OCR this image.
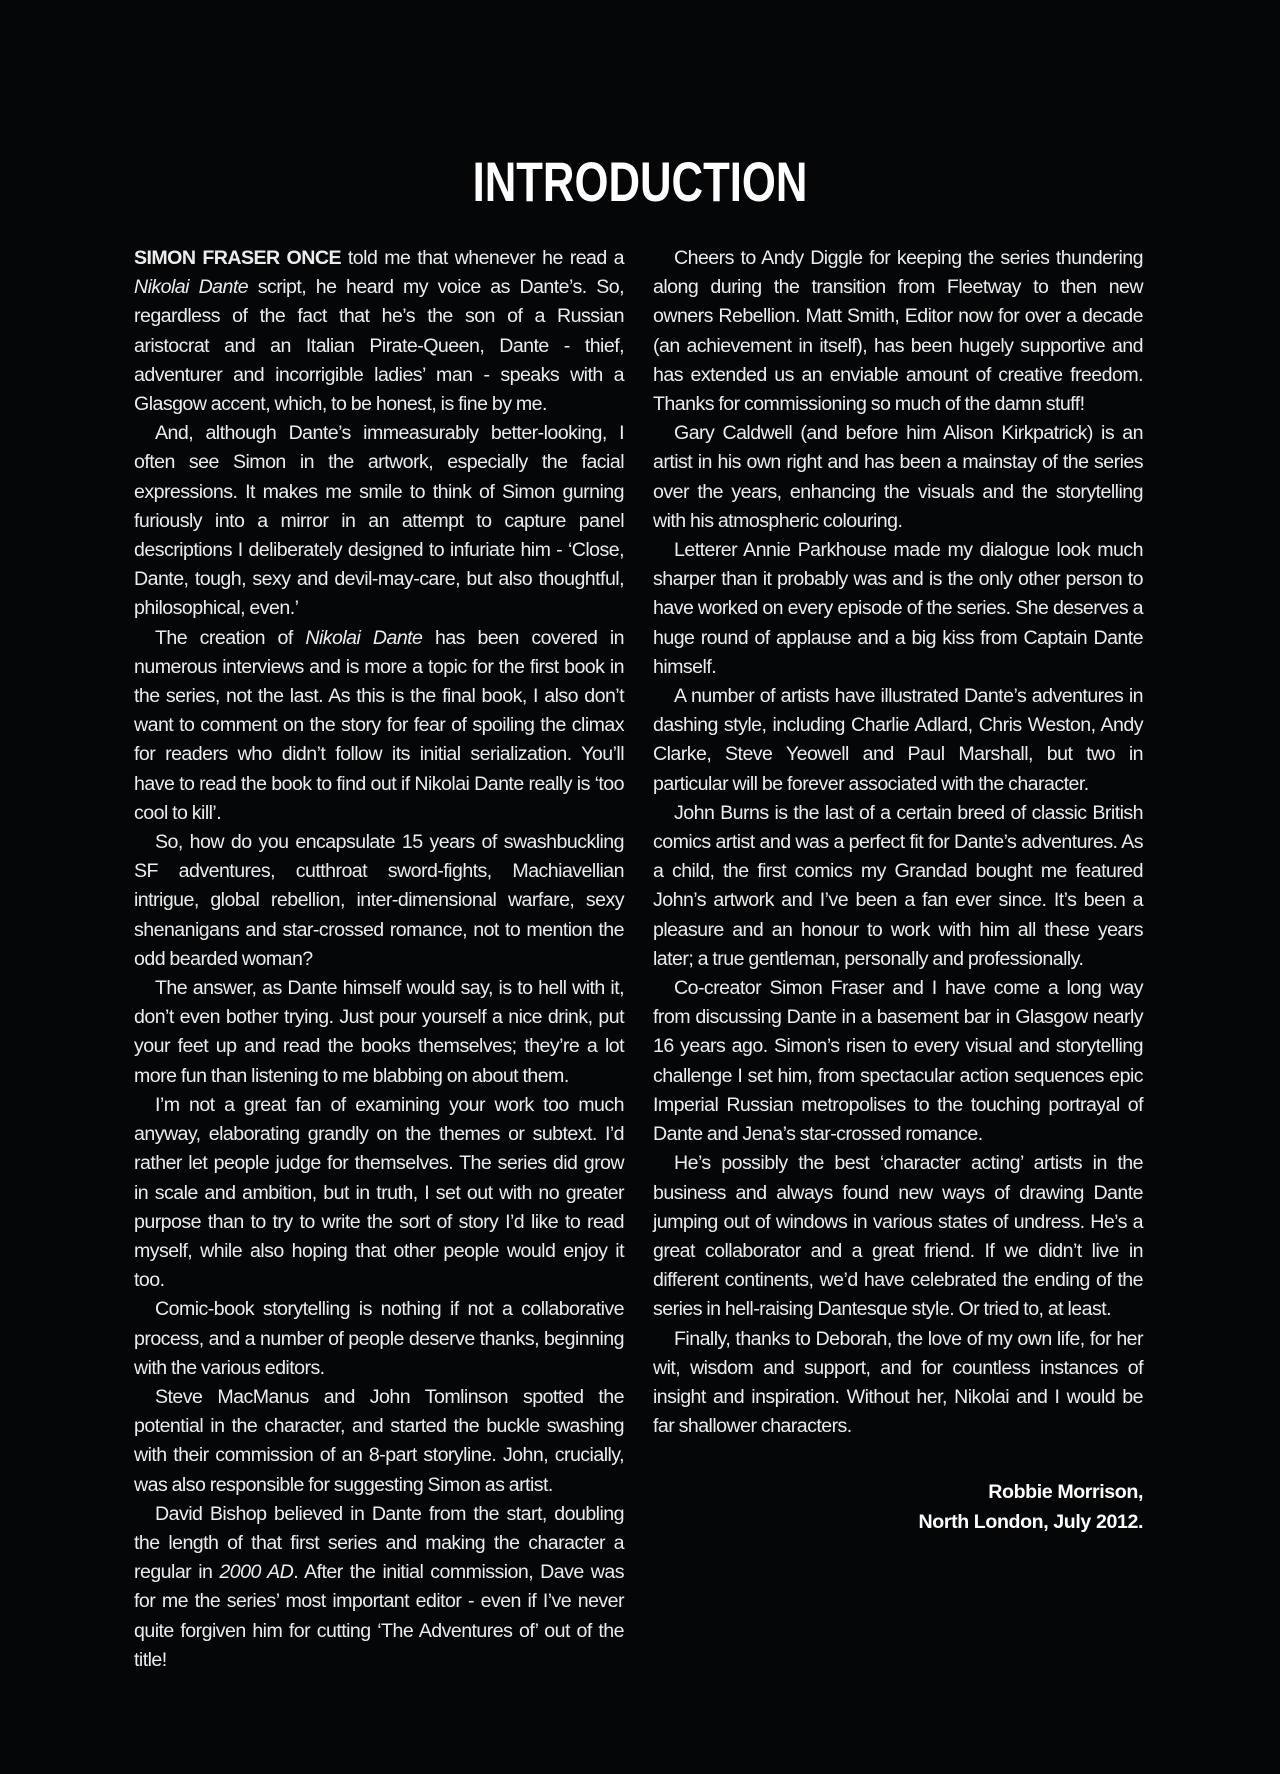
INTRODUCTION

SIMON FRASER ONCE told me that whenever he read a Nikolai Dante script, he heard my voice as Dante’s. So, regardless of the fact that he’s the son of a Russian aristocrat and an Italian Pirate-Queen, Dante - thief, adventurer and incorrigible ladies’ man - speaks with a Glasgow accent, which, to be honest, is fine by me.

And, although Dante’s immeasurably better-looking, I often see Simon in the artwork, especially the facial expressions. It makes me smile to think of Simon gurning furiously into a mirror in an attempt to capture panel descriptions I deliberately designed to infuriate him - ‘Close, Dante, tough, sexy and devil-may-care, but also thoughtful, philosophical, even.’

The creation of Nikolai Dante has been covered in numerous interviews and is more a topic for the first book in the series, not the last. As this is the final book, I also don’t want to comment on the story for fear of spoiling the climax for readers who didn’t follow its initial serialization. You’ll have to read the book to find out if Nikolai Dante really is ‘too cool to kill’.

So, how do you encapsulate 15 years of swashbuckling SF adventures, cutthroat sword-fights, Machiavellian intrigue, global rebellion, inter-dimensional warfare, sexy shenanigans and star-crossed romance, not to mention the odd bearded woman?

The answer, as Dante himself would say, is to hell with it, don’t even bother trying. Just pour yourself a nice drink, put your feet up and read the books themselves; they’re a lot more fun than listening to me blabbing on about them.

I’m not a great fan of examining your work too much anyway, elaborating grandly on the themes or subtext. I’d rather let people judge for themselves. The series did grow in scale and ambition, but in truth, I set out with no greater purpose than to try to write the sort of story I’d like to read myself, while also hoping that other people would enjoy it too.

Comic-book storytelling is nothing if not a collaborative process, and a number of people deserve thanks, beginning with the various editors.

Steve MacManus and John Tomlinson spotted the potential in the character, and started the buckle swashing with their commission of an 8-part storyline. John, crucially, was also responsible for suggesting Simon as artist.

David Bishop believed in Dante from the start, doubling the length of that first series and making the character a regular in 2000 AD. After the initial commission, Dave was for me the series’ most important editor - even if I’ve never quite forgiven him for cutting ‘The Adventures of’ out of the title!

Cheers to Andy Diggle for keeping the series thundering along during the transition from Fleetway to then new owners Rebellion. Matt Smith, Editor now for over a decade (an achievement in itself), has been hugely supportive and has extended us an enviable amount of creative freedom. Thanks for commissioning so much of the damn stuff!

Gary Caldwell (and before him Alison Kirkpatrick) is an artist in his own right and has been a mainstay of the series over the years, enhancing the visuals and the storytelling with his atmospheric colouring.

Letterer Annie Parkhouse made my dialogue look much sharper than it probably was and is the only other person to have worked on every episode of the series. She deserves a huge round of applause and a big kiss from Captain Dante himself.

A number of artists have illustrated Dante’s adventures in dashing style, including Charlie Adlard, Chris Weston, Andy Clarke, Steve Yeowell and Paul Marshall, but two in particular will be forever associated with the character.

John Burns is the last of a certain breed of classic British comics artist and was a perfect fit for Dante’s adventures. As a child, the first comics my Grandad bought me featured John’s artwork and I’ve been a fan ever since. It’s been a pleasure and an honour to work with him all these years later; a true gentleman, personally and professionally.

Co-creator Simon Fraser and I have come a long way from discussing Dante in a basement bar in Glasgow nearly 16 years ago. Simon’s risen to every visual and storytelling challenge I set him, from spectacular action sequences epic Imperial Russian metropolises to the touching portrayal of Dante and Jena’s star-crossed romance.

He’s possibly the best ‘character acting’ artists in the business and always found new ways of drawing Dante jumping out of windows in various states of undress. He’s a great collaborator and a great friend. If we didn’t live in different continents, we’d have celebrated the ending of the series in hell-raising Dantesque style. Or tried to, at least.

Finally, thanks to Deborah, the love of my own life, for her wit, wisdom and support, and for countless instances of insight and inspiration. Without her, Nikolai and I would be far shallower characters.

Robbie Morrison,
North London, July 2012.
